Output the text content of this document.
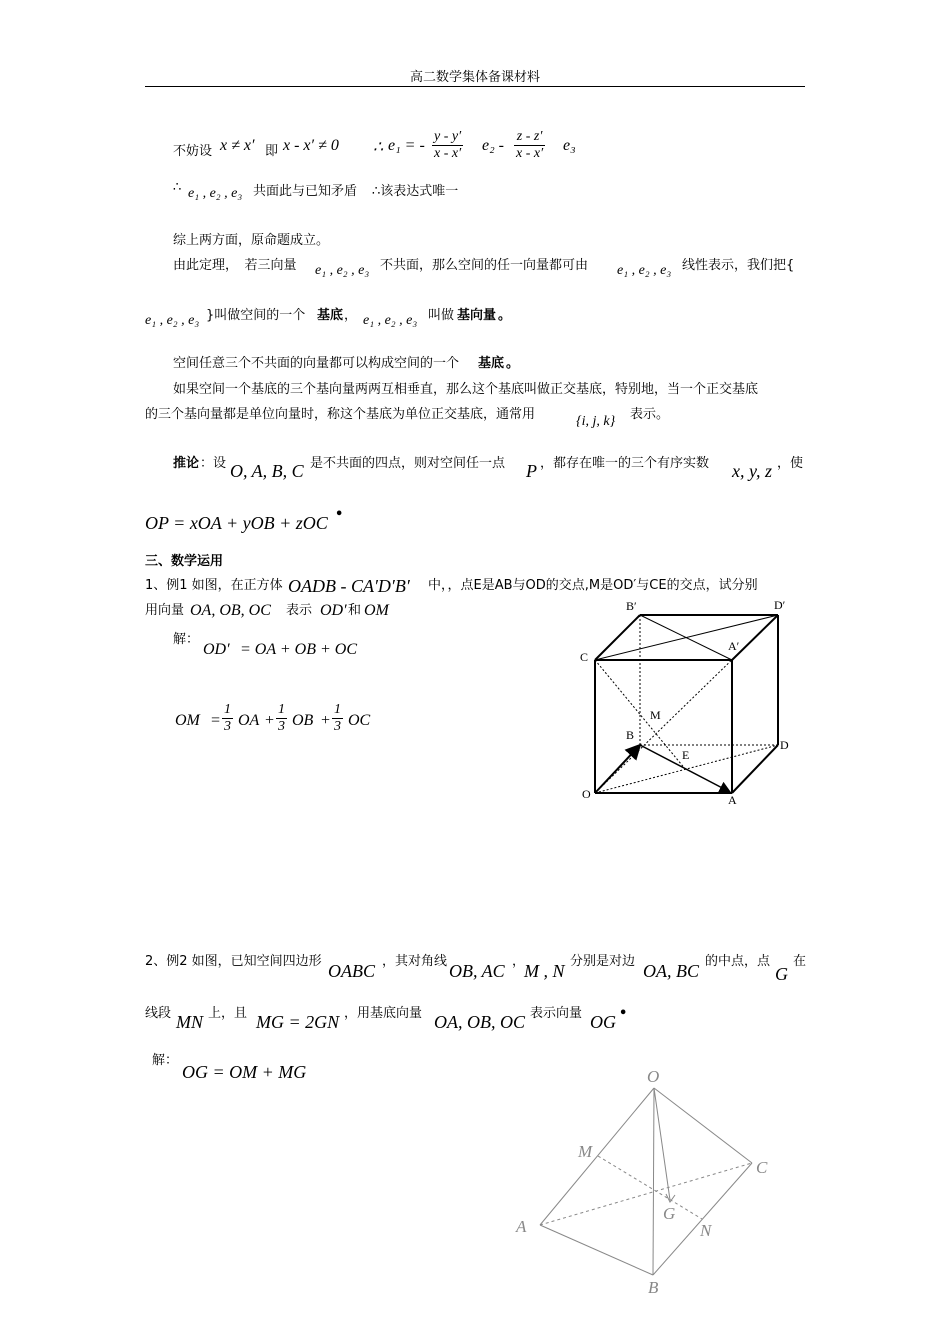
高二数学集体备课材料
不妨设 x ≠ x′ 即 x - x′ ≠ 0 ∴ e₁ = - $\frac{y - y'}{x - x'} e_2 - \frac{z - z'}{x - x'} e_3$
∴ e₁ , e₂ , e₃ 共面此与已知矛盾 ∴该表达式唯一
综上两方面，原命题成立。
由此定理，　若三向量 e₁ , e₂ , e₃ 不共面，那么空间的任一向量都可由 e₁ , e₂ , e₃ 线性表示，我们把{
e₁ , e₂ , e₃ }叫做空间的一个 基底 ， e₁ , e₂ , e₃ 叫做 基向量 。
空间任意三个不共面的向量都可以构成空间的一个 基底 。
如果空间一个基底的三个基向量两两互相垂直，那么这个基底叫做正交基底，特别地，当一个正交基底
的三个基向量都是单位向量时，称这个基底为单位正交基底，通常用	{i, j, k} 表示。
推论 ：设 O, A, B, C 是不共面的四点，则对空间任一点 P ，都存在唯一的三个有序实数 x, y, z ，使
OP = xOA + yOB + zOC •
三、数学运用
1、例1 如图，在正方体 OADB - CA′D′B′ 中，，点E是AB与OD的交点,M是OD′与CE的交点，试分别
用向量 OA, OB, OC 表示 OD′ 和 OM
解：
OD′ = OA + OB + OC
OM = $\frac{1}{3}$ OA + $\frac{1}{3}$ OB + $\frac{1}{3}$ OC
B′	D′
A′
C
M
B
E
D
O	A
2、例2 如图，已知空间四边形 OABC ，其对角线 OB, AC ，
M , N 分别是对边 OA, BC 的中点，点
G
在
线段 MN 上，且 MG = 2GN ，用基底向量 OA, OB, OC 表示向量 OG •
解：
OG = OM + MG	O
M
C
G
A	N
B
